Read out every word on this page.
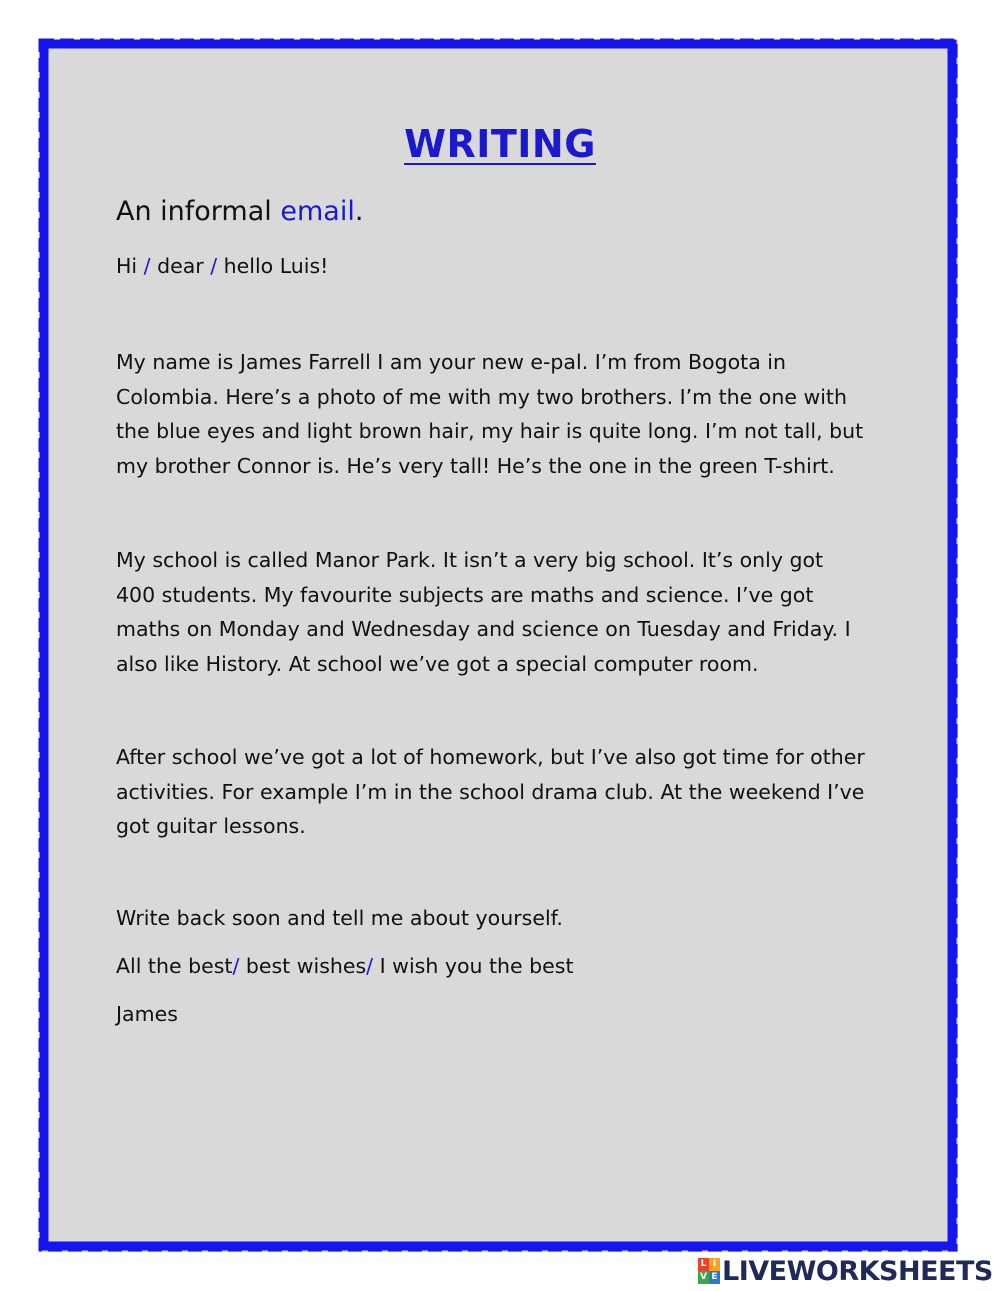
WRITING
An informal email.
Hi / dear / hello Luis!
My name is James Farrell I am your new e-pal. I’m from Bogota in
Colombia. Here’s a photo of me with my two brothers. I’m the one with
the blue eyes and light brown hair, my hair is quite long. I’m not tall, but
my brother Connor is. He’s very tall! He’s the one in the green T-shirt.
My school is called Manor Park. It isn’t a very big school. It’s only got
400 students. My favourite subjects are maths and science. I’ve got
maths on Monday and Wednesday and science on Tuesday and Friday. I
also like History. At school we’ve got a special computer room.
After school we’ve got a lot of homework, but I’ve also got time for other
activities. For example I’m in the school drama club. At the weekend I’ve
got guitar lessons.
Write back soon and tell me about yourself.
All the best/ best wishes/ I wish you the best
James
L I
V E LIVEWORKSHEETS
